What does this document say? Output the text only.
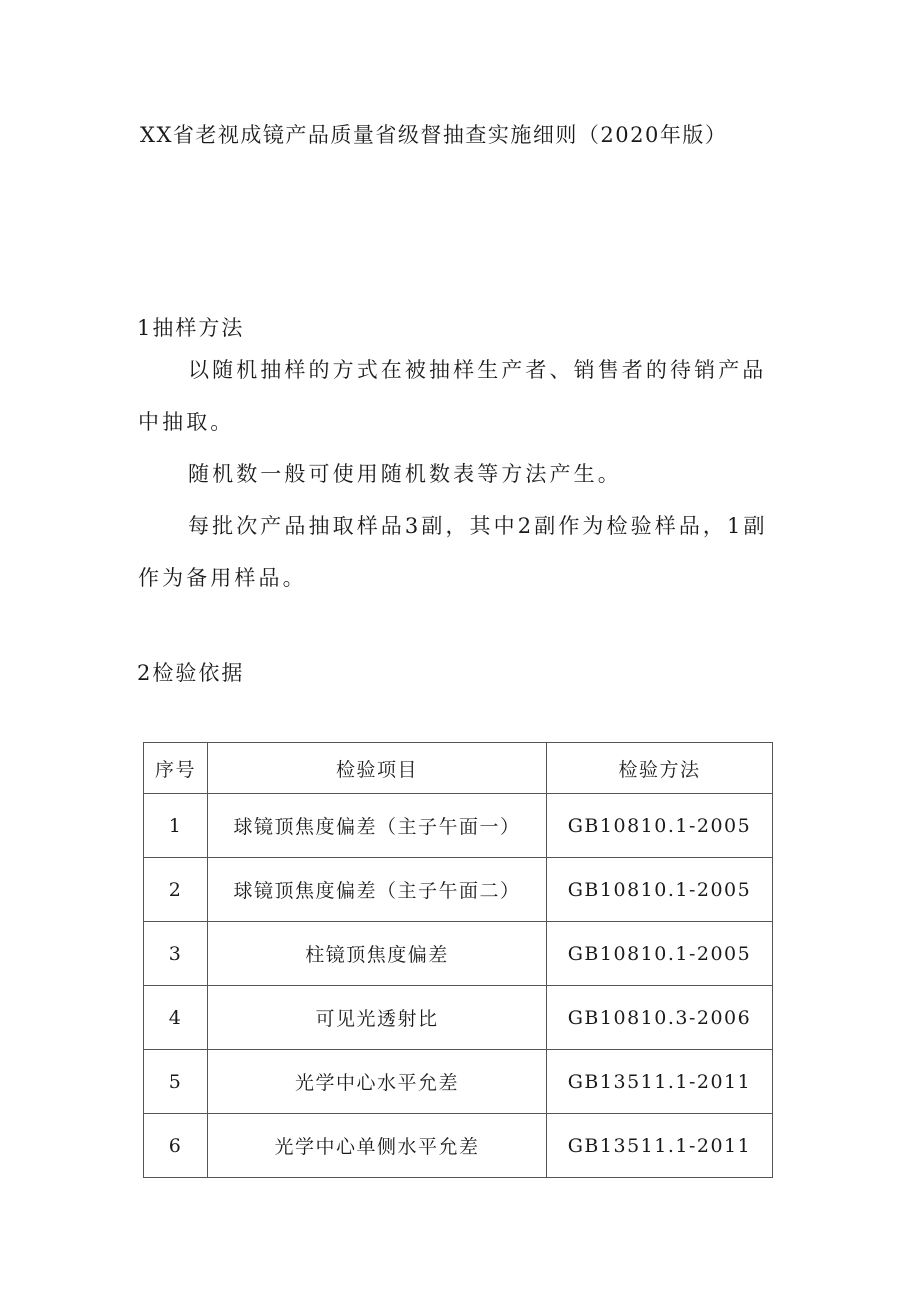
XX省老视成镜产品质量省级督抽查实施细则（2020年版）
1抽样方法

以随机抽样的方式在被抽样生产者、销售者的待销产品中抽取。

随机数一般可使用随机数表等方法产生。

每批次产品抽取样品3副，其中2副作为检验样品，1副作为备用样品。

2检验依据
序号	检验项目	检验方法
1	球镜顶焦度偏差（主子午面一）	GB10810.1-2005
2	球镜顶焦度偏差（主子午面二）	GB10810.1-2005
3	柱镜顶焦度偏差	GB10810.1-2005
4	可见光透射比	GB10810.3-2006
5	光学中心水平允差	GB13511.1-2011
6	光学中心单侧水平允差	GB13511.1-2011
